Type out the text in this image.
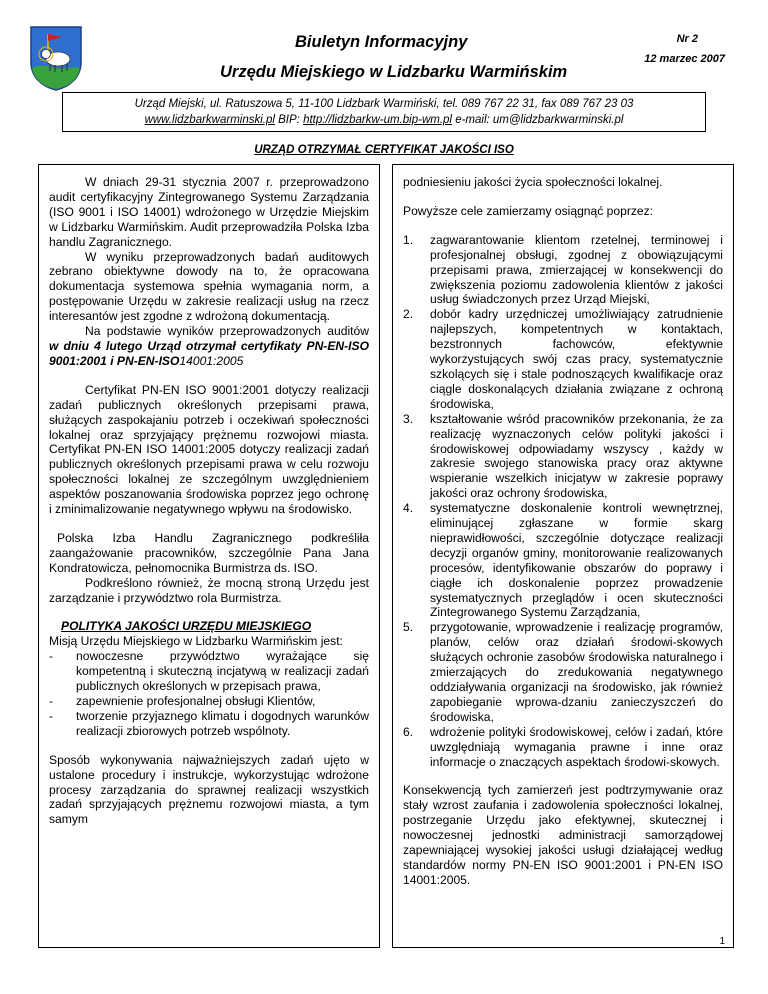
Biuletyn Informacyjny
Urzędu Miejskiego w Lidzbarku Warmińskim
Nr 2
12 marzec 2007
Urząd Miejski, ul. Ratuszowa 5, 11-100 Lidzbark Warmiński, tel. 089 767 22 31, fax 089 767 23 03
www.lidzbarkwarminski.pl BIP: http://lidzbarkw-um.bip-wm.pl e-mail: um@lidzbarkwarminski.pl
URZĄD OTRZYMAŁ CERTYFIKAT JAKOŚCI ISO

W dniach 29-31 stycznia 2007 r. przeprowadzono audit certyfikacyjny Zintegrowanego Systemu Zarządzania (ISO 9001 i ISO 14001) wdrożonego w Urzędzie Miejskim w Lidzbarku Warmińskim. Audit przeprowadziła Polska Izba handlu Zagranicznego.

W wyniku przeprowadzonych badań auditowych zebrano obiektywne dowody na to, że opracowana dokumentacja systemowa spełnia wymagania norm, a postępowanie Urzędu w zakresie realizacji usług na rzecz interesantów jest zgodne z wdrożoną dokumentacją.

Na podstawie wyników przeprowadzonych auditów w dniu 4 lutego Urząd otrzymał certyfikaty PN-EN-ISO 9001:2001 i PN-EN-ISO14001:2005

Certyfikat PN-EN ISO 9001:2001 dotyczy realizacji zadań publicznych określonych przepisami prawa, służących zaspokajaniu potrzeb i oczekiwań społeczności lokalnej oraz sprzyjający prężnemu rozwojowi miasta. Certyfikat PN-EN ISO 14001:2005 dotyczy realizacji zadań publicznych określonych przepisami prawa w celu rozwoju społeczności lokalnej ze szczególnym uwzględnieniem aspektów poszanowania środowiska poprzez jego ochronę i zminimalizowanie negatywnego wpływu na środowisko.

Polska Izba Handlu Zagranicznego podkreśliła zaangażowanie pracowników, szczególnie Pana Jana Kondratowicza, pełnomocnika Burmistrza ds. ISO.

Podkreślono również, że mocną stroną Urzędu jest zarządzanie i przywództwo rola Burmistrza.

POLITYKA JAKOŚCI URZĘDU MIEJSKIEGO

Misją Urzędu Miejskiego w Lidzbarku Warmińskim jest:

- nowoczesne przywództwo wyrażające się kompetentną i skuteczną incjatywą w realizacji zadań publicznych określonych w przepisach prawa,
- zapewnienie profesjonalnej obsługi Klientów,
- tworzenie przyjaznego klimatu i dogodnych warunków realizacji zbiorowych potrzeb wspólnoty.

Sposób wykonywania najważniejszych zadań ujęto w ustalone procedury i instrukcje, wykorzystując wdrożone procesy zarządzania do sprawnej realizacji wszystkich zadań sprzyjających prężnemu rozwojowi miasta, a tym samym

podniesieniu jakości życia społeczności lokalnej.

Powyższe cele zamierzamy osiągnąć poprzez:

1. zagwarantowanie klientom rzetelnej, terminowej i profesjonalnej obsługi, zgodnej z obowiązującymi przepisami prawa, zmierzającej w konsekwencji do zwiększenia poziomu zadowolenia klientów z jakości usług świadczonych przez Urząd Miejski,
2. dobór kadry urzędniczej umożliwiający zatrudnienie najlepszych, kompetentnych w kontaktach, bezstronnych fachowców, efektywnie wykorzystujących swój czas pracy, systematycznie szkolących się i stale podnoszących kwalifikacje oraz ciągle doskonalących działania związane z ochroną środowiska,
3. kształtowanie wśród pracowników przekonania, że za realizację wyznaczonych celów polityki jakości i środowiskowej odpowiadamy wszyscy , każdy w zakresie swojego stanowiska pracy oraz aktywne wspieranie wszelkich inicjatyw w zakresie poprawy jakości oraz ochrony środowiska,
4. systematyczne doskonalenie kontroli wewnętrznej, eliminującej zgłaszane w formie skarg nieprawidłowości, szczególnie dotyczące realizacji decyzji organów gminy, monitorowanie realizowanych procesów, identyfikowanie obszarów do poprawy i ciągłe ich doskonalenie poprzez prowadzenie systematycznych przeglądów i ocen skuteczności Zintegrowanego Systemu Zarządzania,
5. przygotowanie, wprowadzenie i realizację programów, planów, celów oraz działań środowi-skowych służących ochronie zasobów środowiska naturalnego i zmierzających do zredukowania negatywnego oddziaływania organizacji na środowisko, jak również zapobieganie wprowa-dzaniu zanieczyszczeń do środowiska,
6. wdrożenie polityki środowiskowej, celów i zadań, które uwzględniają wymagania prawne i inne oraz informacje o znaczących aspektach środowi-skowych.

Konsekwencją tych zamierzeń jest podtrzymywanie oraz stały wzrost zaufania i zadowolenia społeczności lokalnej, postrzeganie Urzędu jako efektywnej, skutecznej i nowoczesnej jednostki administracji samorządowej zapewniającej wysokiej jakości usługi działającej według standardów normy PN-EN ISO 9001:2001 i PN-EN ISO 14001:2005.

1
